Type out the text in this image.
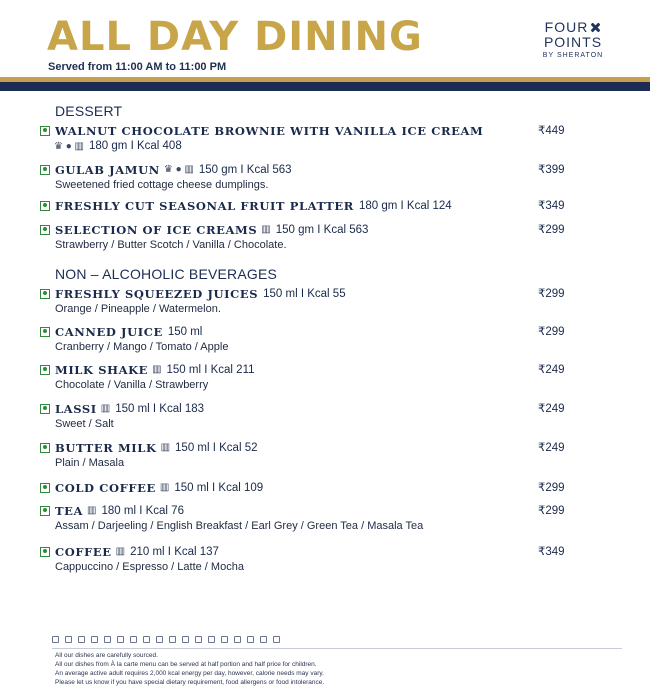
ALL DAY DINING
Served from 11:00 AM to 11:00 PM
FOUR
POINTS
BY SHERATON
DESSERT
WALNUT CHOCOLATE BROWNIE WITH VANILLA ICE CREAM
♛ ● ▥ 180 gm I Kcal 408
₹449
GULAB JAMUN ♛ ● ▥ 150 gm I Kcal 563
Sweetened fried cottage cheese dumplings.
₹399
FRESHLY CUT SEASONAL FRUIT PLATTER 180 gm I Kcal 124	₹349
SELECTION OF ICE CREAMS ▥ 150 gm I Kcal 563
Strawberry / Butter Scotch / Vanilla / Chocolate.
₹299
NON – ALCOHOLIC BEVERAGES
FRESHLY SQUEEZED JUICES 150 ml I Kcal 55
Orange / Pineapple / Watermelon.
₹299
CANNED JUICE 150 ml
Cranberry / Mango / Tomato / Apple
₹299
MILK SHAKE ▥ 150 ml I Kcal 211
Chocolate / Vanilla / Strawberry
₹249
LASSI ▥ 150 ml I Kcal 183
Sweet / Salt
₹249
BUTTER MILK ▥ 150 ml I Kcal 52
Plain / Masala
₹249
COLD COFFEE ▥ 150 ml I Kcal 109	₹299
TEA ▥ 180 ml I Kcal 76
Assam / Darjeeling / English Breakfast / Earl Grey / Green Tea / Masala Tea
₹299
COFFEE ▥ 210 ml I Kcal 137
Cappuccino / Espresso / Latte / Mocha
₹349
All our dishes are carefully sourced.
All our dishes from À la carte menu can be served at half portion and half price for children.
An average active adult requires 2,000 kcal energy per day, however, calorie needs may vary.
Please let us know if you have special dietary requirement, food allergens or food intolerance.
